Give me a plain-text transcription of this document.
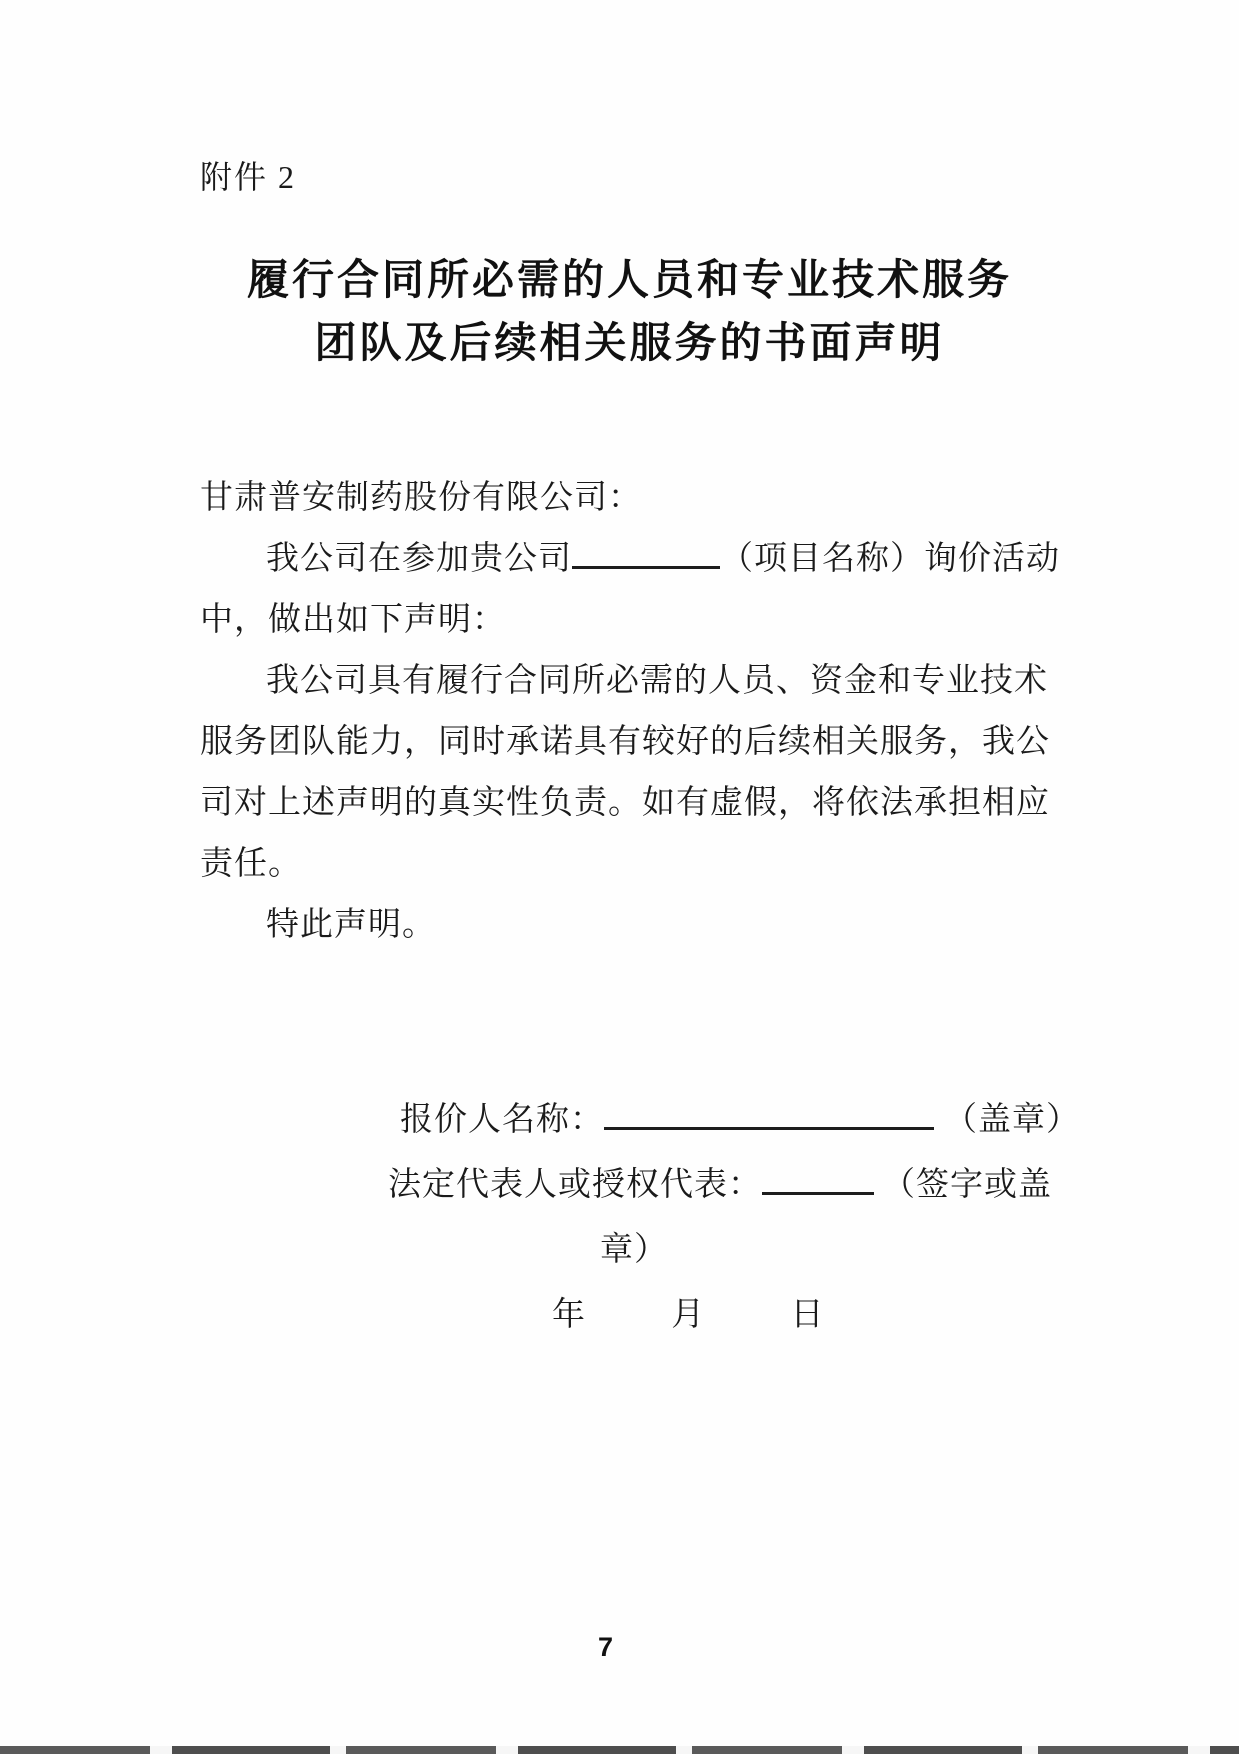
附件 2
履行合同所必需的人员和专业技术服务
团队及后续相关服务的书面声明
甘肃普安制药股份有限公司：
我公司在参加贵公司	（项目名称）询价活动
中，做出如下声明：
我公司具有履行合同所必需的人员、资金和专业技术
服务团队能力，同时承诺具有较好的后续相关服务，我公
司对上述声明的真实性负责。如有虚假，将依法承担相应
责任。
特此声明。
报价人名称：	（盖章）
法定代表人或授权代表：	（签字或盖
章）
年	月	日
7
